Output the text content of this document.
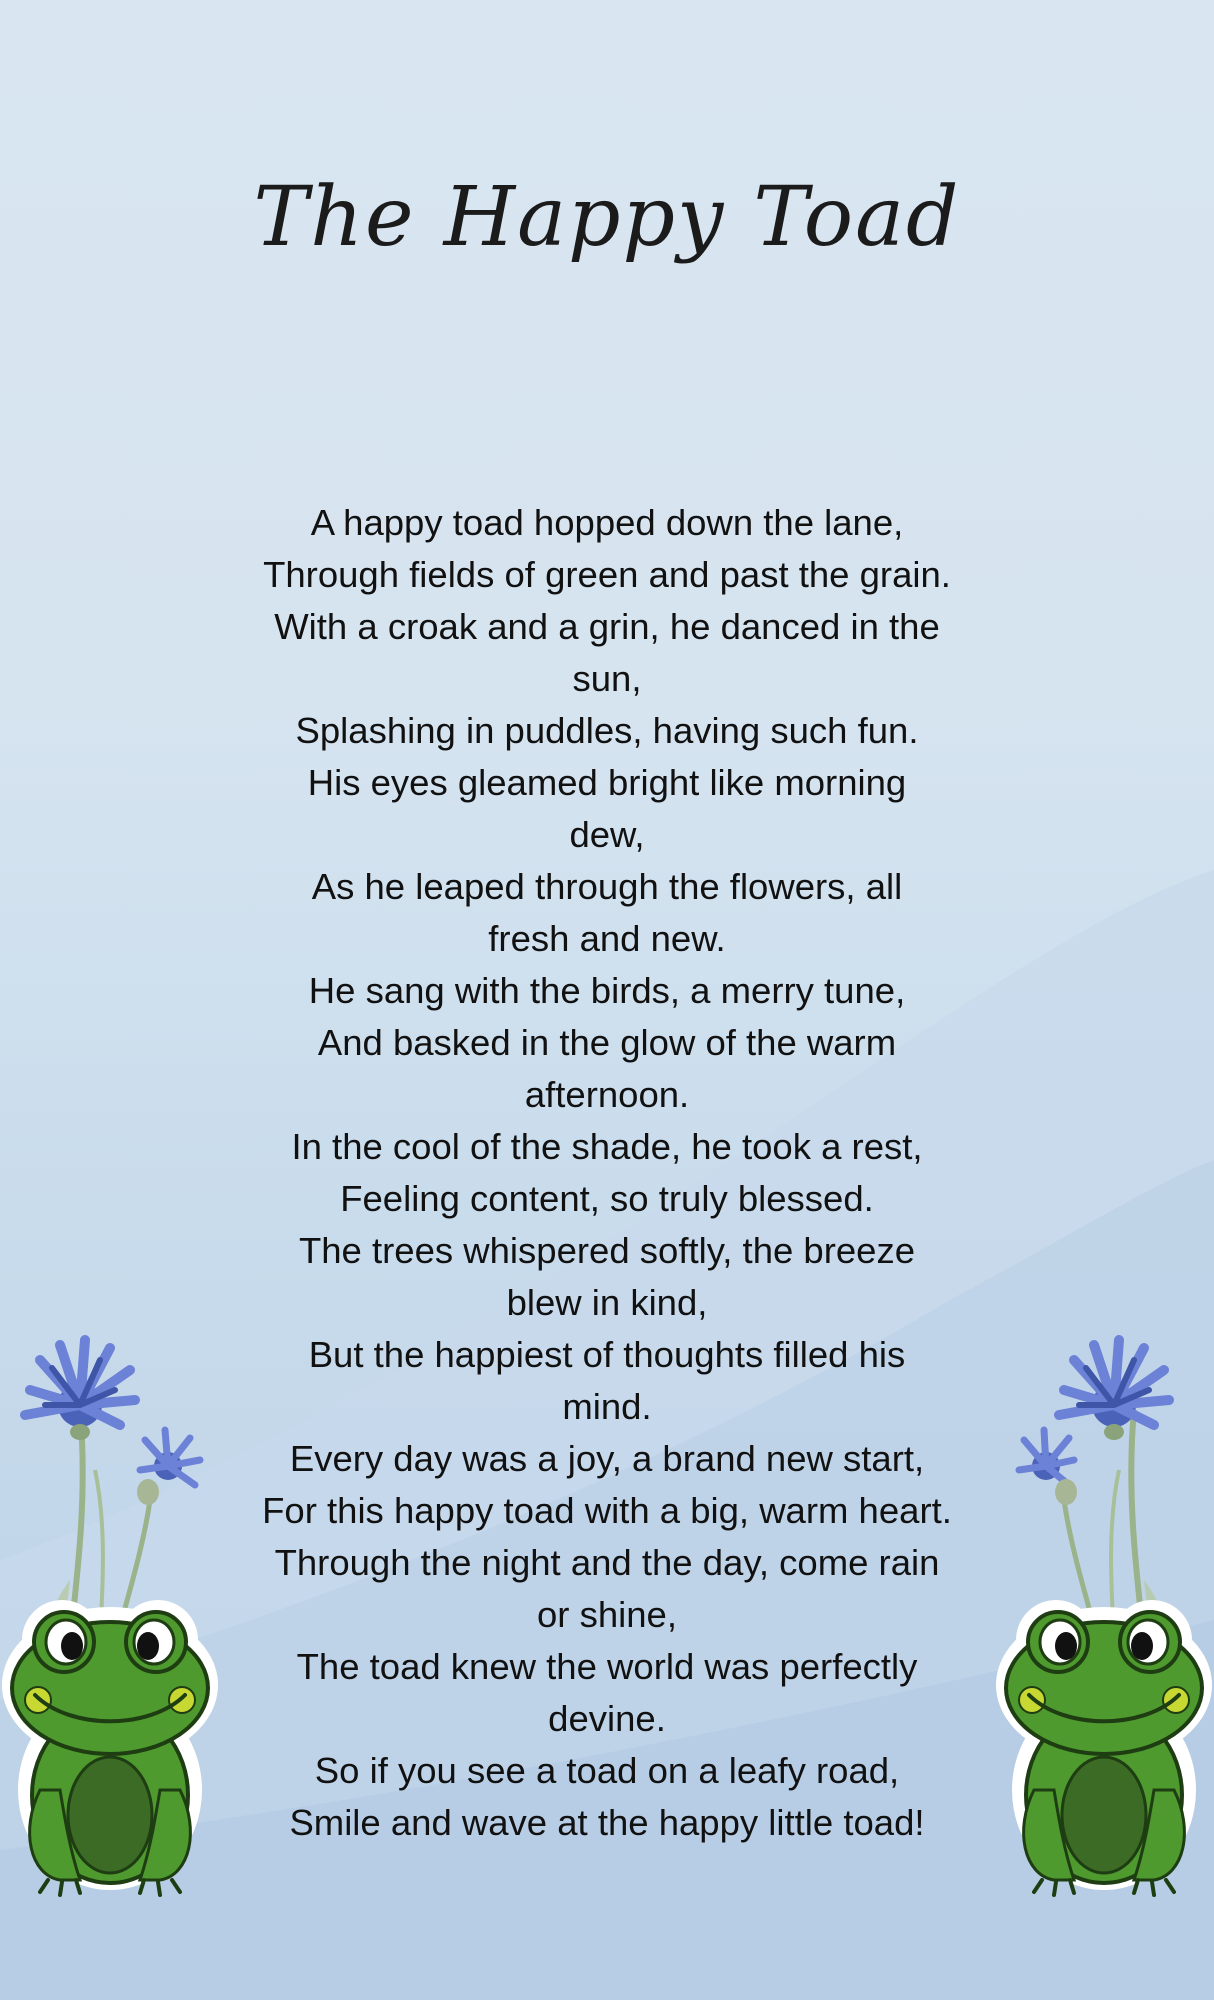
The Happy Toad
A happy toad hopped down the lane,
Through fields of green and past the grain.
With a croak and a grin, he danced in the
sun,
Splashing in puddles, having such fun.
His eyes gleamed bright like morning
dew,
As he leaped through the flowers, all
fresh and new.
He sang with the birds, a merry tune,
And basked in the glow of the warm
afternoon.
In the cool of the shade, he took a rest,
Feeling content, so truly blessed.
The trees whispered softly, the breeze
blew in kind,
But the happiest of thoughts filled his
mind.
Every day was a joy, a brand new start,
For this happy toad with a big, warm heart.
Through the night and the day, come rain
or shine,
The toad knew the world was perfectly
devine.
So if you see a toad on a leafy road,
Smile and wave at the happy little toad!
